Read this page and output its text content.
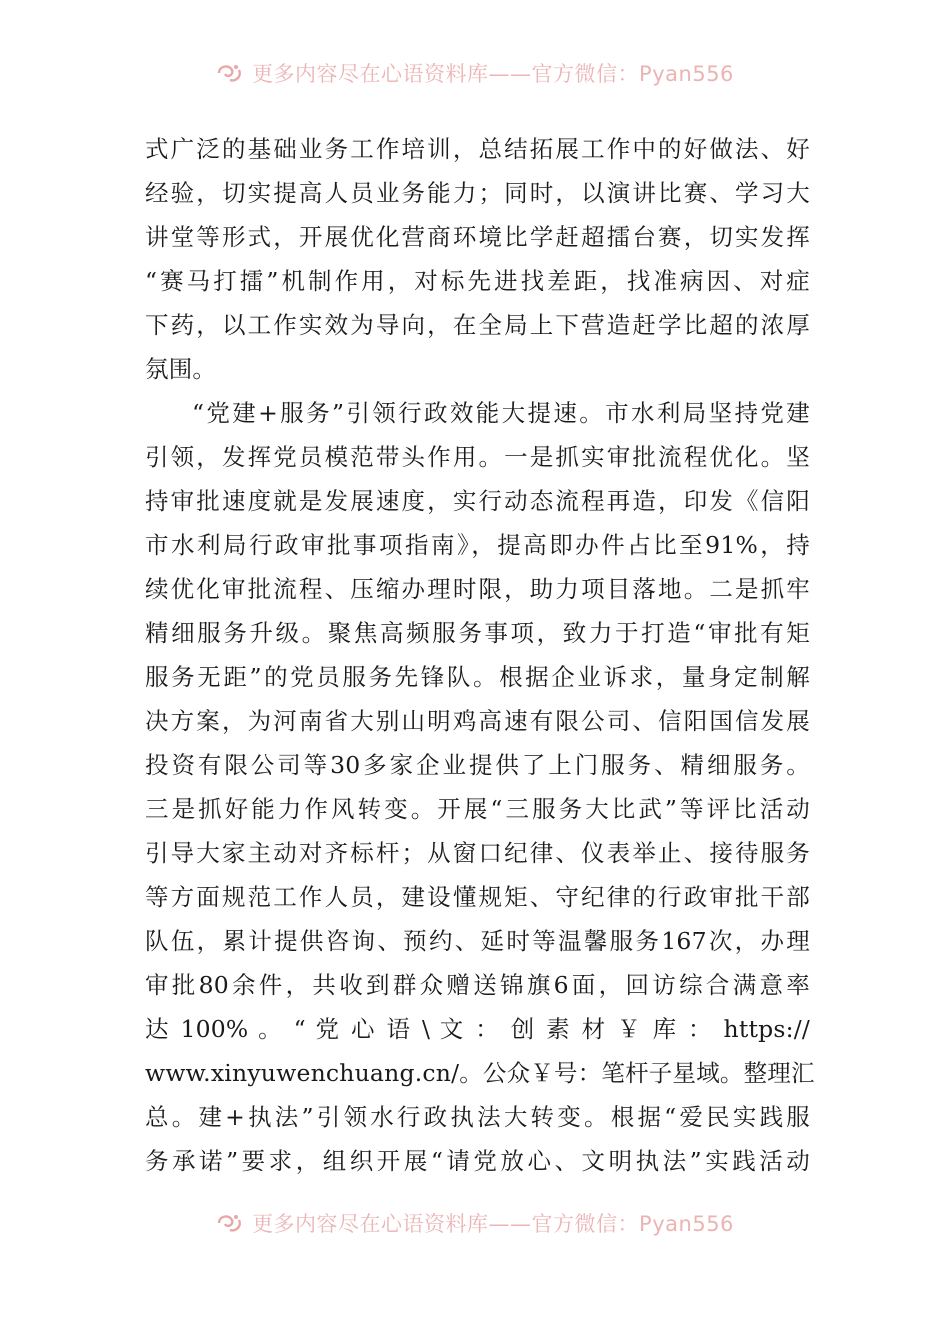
更多内容尽在心语资料库——官方微信：Pyan556
式广泛的基础业务工作培训，总结拓展工作中的好做法、好
经验，切实提高人员业务能力；同时，以演讲比赛、学习大
讲堂等形式，开展优化营商环境比学赶超擂台赛，切实发挥
“赛马打擂”机制作用，对标先进找差距，找准病因、对症
下药，以工作实效为导向，在全局上下营造赶学比超的浓厚
氛围。
“党建+服务”引领行政效能大提速。市水利局坚持党建
引领，发挥党员模范带头作用。一是抓实审批流程优化。坚
持审批速度就是发展速度，实行动态流程再造，印发《信阳
市水利局行政审批事项指南》，提高即办件占比至91%，持
续优化审批流程、压缩办理时限，助力项目落地。二是抓牢
精细服务升级。聚焦高频服务事项，致力于打造“审批有矩
服务无距”的党员服务先锋队。根据企业诉求，量身定制解
决方案，为河南省大别山明鸡高速有限公司、信阳国信发展
投资有限公司等30多家企业提供了上门服务、精细服务。
三是抓好能力作风转变。开展“三服务大比武”等评比活动
引导大家主动对齐标杆；从窗口纪律、仪表举止、接待服务
等方面规范工作人员，建设懂规矩、守纪律的行政审批干部
队伍，累计提供咨询、预约、延时等温馨服务167次，办理
审批80余件，共收到群众赠送锦旗6面，回访综合满意率
达 100% 。 “ 党 心 语 \ 文 ： 创 素 材 ￥ 库 ： https://
www.xinyuwenchuang.cn/。公众￥号：笔杆子星域。整理汇
总。建+执法”引领水行政执法大转变。根据“爱民实践服
务承诺”要求，组织开展“请党放心、文明执法”实践活动
更多内容尽在心语资料库——官方微信：Pyan556
